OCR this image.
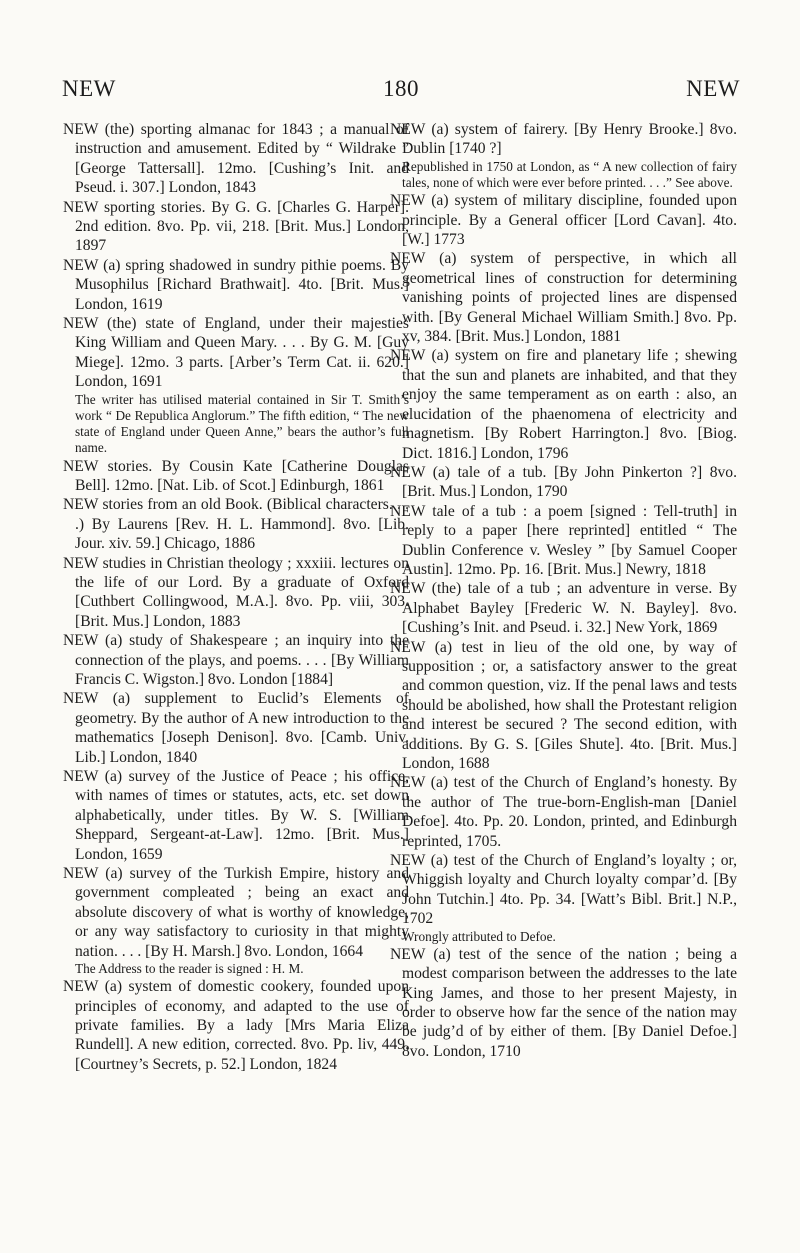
NEW	180	NEW

NEW (the) sporting almanac for 1843 ; a manual of instruction and amusement. Edited by “ Wildrake ” [George Tattersall]. 12mo. [Cushing’s Init. and Pseud. i. 307.] London, 1843

NEW sporting stories. By G. G. [Charles G. Harper]. 2nd edition. 8vo. Pp. vii, 218. [Brit. Mus.] London, 1897

NEW (a) spring shadowed in sundry pithie poems. By Musophilus [Richard Brathwait]. 4to. [Brit. Mus.] London, 1619

NEW (the) state of England, under their majesties King William and Queen Mary. . . . By G. M. [Guy Miege]. 12mo. 3 parts. [Arber’s Term Cat. ii. 620.] London, 1691

The writer has utilised material contained in Sir T. Smith’s work “ De Republica Anglorum.” The fifth edition, “ The new state of England under Queen Anne,” bears the author’s full name.

NEW stories. By Cousin Kate [Catherine Douglas Bell]. 12mo. [Nat. Lib. of Scot.] Edinburgh, 1861

NEW stories from an old Book. (Biblical characters. . . .) By Laurens [Rev. H. L. Hammond]. 8vo. [Lib. Jour. xiv. 59.] Chicago, 1886

NEW studies in Christian theology ; xxxiii. lectures on the life of our Lord. By a graduate of Oxford [Cuthbert Collingwood, M.A.]. 8vo. Pp. viii, 303. [Brit. Mus.] London, 1883

NEW (a) study of Shakespeare ; an inquiry into the connection of the plays, and poems. . . . [By William Francis C. Wigston.] 8vo. London [1884]

NEW (a) supplement to Euclid’s Elements of geometry. By the author of A new introduction to the mathematics [Joseph Denison]. 8vo. [Camb. Univ. Lib.] London, 1840

NEW (a) survey of the Justice of Peace ; his office, with names of times or statutes, acts, etc. set down alphabetically, under titles. By W. S. [William Sheppard, Sergeant-at-Law]. 12mo. [Brit. Mus.] London, 1659

NEW (a) survey of the Turkish Empire, history and government compleated ; being an exact and absolute discovery of what is worthy of knowledge, or any way satisfactory to curiosity in that mighty nation. . . . [By H. Marsh.] 8vo. London, 1664

The Address to the reader is signed : H. M.

NEW (a) system of domestic cookery, founded upon principles of economy, and adapted to the use of private families. By a lady [Mrs Maria Eliza Rundell]. A new edition, corrected. 8vo. Pp. liv, 449. [Courtney’s Secrets, p. 52.] London, 1824

NEW (a) system of fairery. [By Henry Brooke.] 8vo. Dublin [1740 ?]

Republished in 1750 at London, as “ A new collection of fairy tales, none of which were ever before printed. . . .” See above.

NEW (a) system of military discipline, founded upon principle. By a General officer [Lord Cavan]. 4to. [W.] 1773

NEW (a) system of perspective, in which all geometrical lines of construction for determining vanishing points of projected lines are dispensed with. [By General Michael William Smith.] 8vo. Pp. xv, 384. [Brit. Mus.] London, 1881

NEW (a) system on fire and planetary life ; shewing that the sun and planets are inhabited, and that they enjoy the same temperament as on earth : also, an elucidation of the phaenomena of electricity and magnetism. [By Robert Harrington.] 8vo. [Biog. Dict. 1816.] London, 1796

NEW (a) tale of a tub. [By John Pinkerton ?] 8vo. [Brit. Mus.] London, 1790

NEW tale of a tub : a poem [signed : Tell-truth] in reply to a paper [here reprinted] entitled “ The Dublin Conference v. Wesley ” [by Samuel Cooper Austin]. 12mo. Pp. 16. [Brit. Mus.] Newry, 1818

NEW (the) tale of a tub ; an adventure in verse. By Alphabet Bayley [Frederic W. N. Bayley]. 8vo. [Cushing’s Init. and Pseud. i. 32.] New York, 1869

NEW (a) test in lieu of the old one, by way of supposition ; or, a satisfactory answer to the great and common question, viz. If the penal laws and tests should be abolished, how shall the Protestant religion and interest be secured ? The second edition, with additions. By G. S. [Giles Shute]. 4to. [Brit. Mus.] London, 1688

NEW (a) test of the Church of England’s honesty. By the author of The true-born-English-man [Daniel Defoe]. 4to. Pp. 20. London, printed, and Edinburgh reprinted, 1705.

NEW (a) test of the Church of England’s loyalty ; or, Whiggish loyalty and Church loyalty compar’d. [By John Tutchin.] 4to. Pp. 34. [Watt’s Bibl. Brit.] N.P., 1702

Wrongly attributed to Defoe.

NEW (a) test of the sence of the nation ; being a modest comparison between the addresses to the late King James, and those to her present Majesty, in order to observe how far the sence of the nation may be judg’d of by either of them. [By Daniel Defoe.] 8vo. London, 1710
